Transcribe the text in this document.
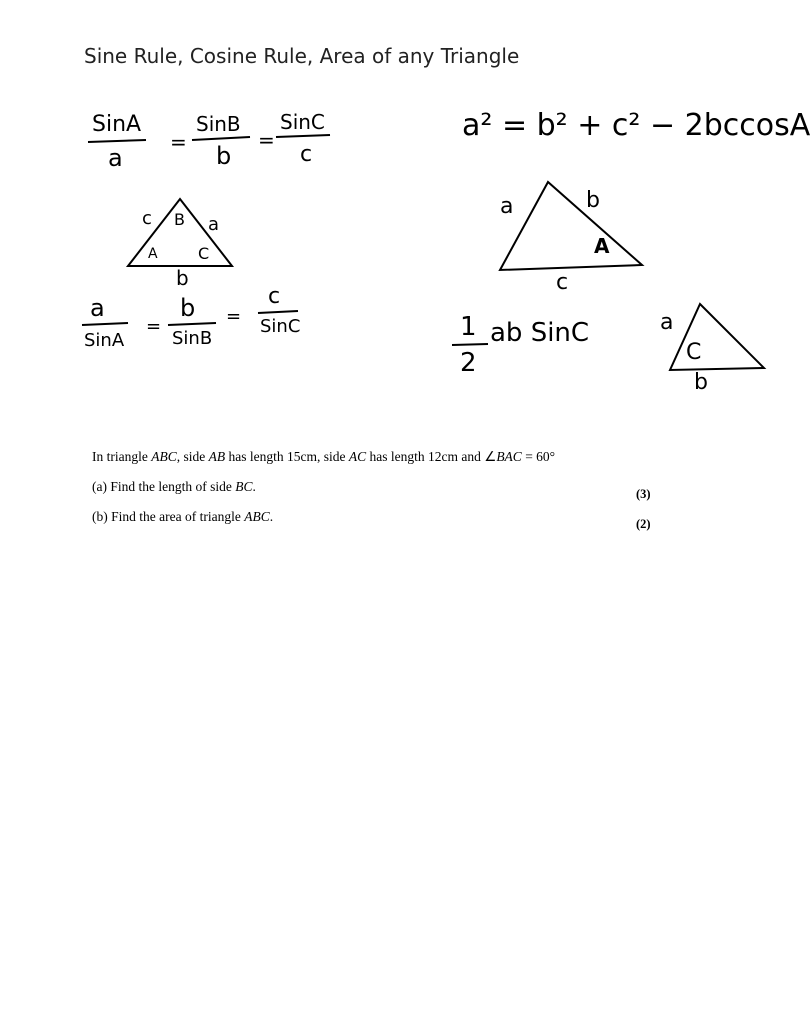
Sine Rule, Cosine Rule, Area of any Triangle
SinA
a
=
SinB
b
=
SinC
c
c B a
A	C
b
a
SinA
=
b
SinB
=
c
SinC
a² = b² + c² − 2bccosA
a	b
A
c
1
2
ab SinC	a
C
b
In triangle ABC, side AB has length 15cm, side AC has length 12cm and ∠BAC = 60°
(a) Find the length of side BC.	(3)
(b) Find the area of triangle ABC.	(2)
